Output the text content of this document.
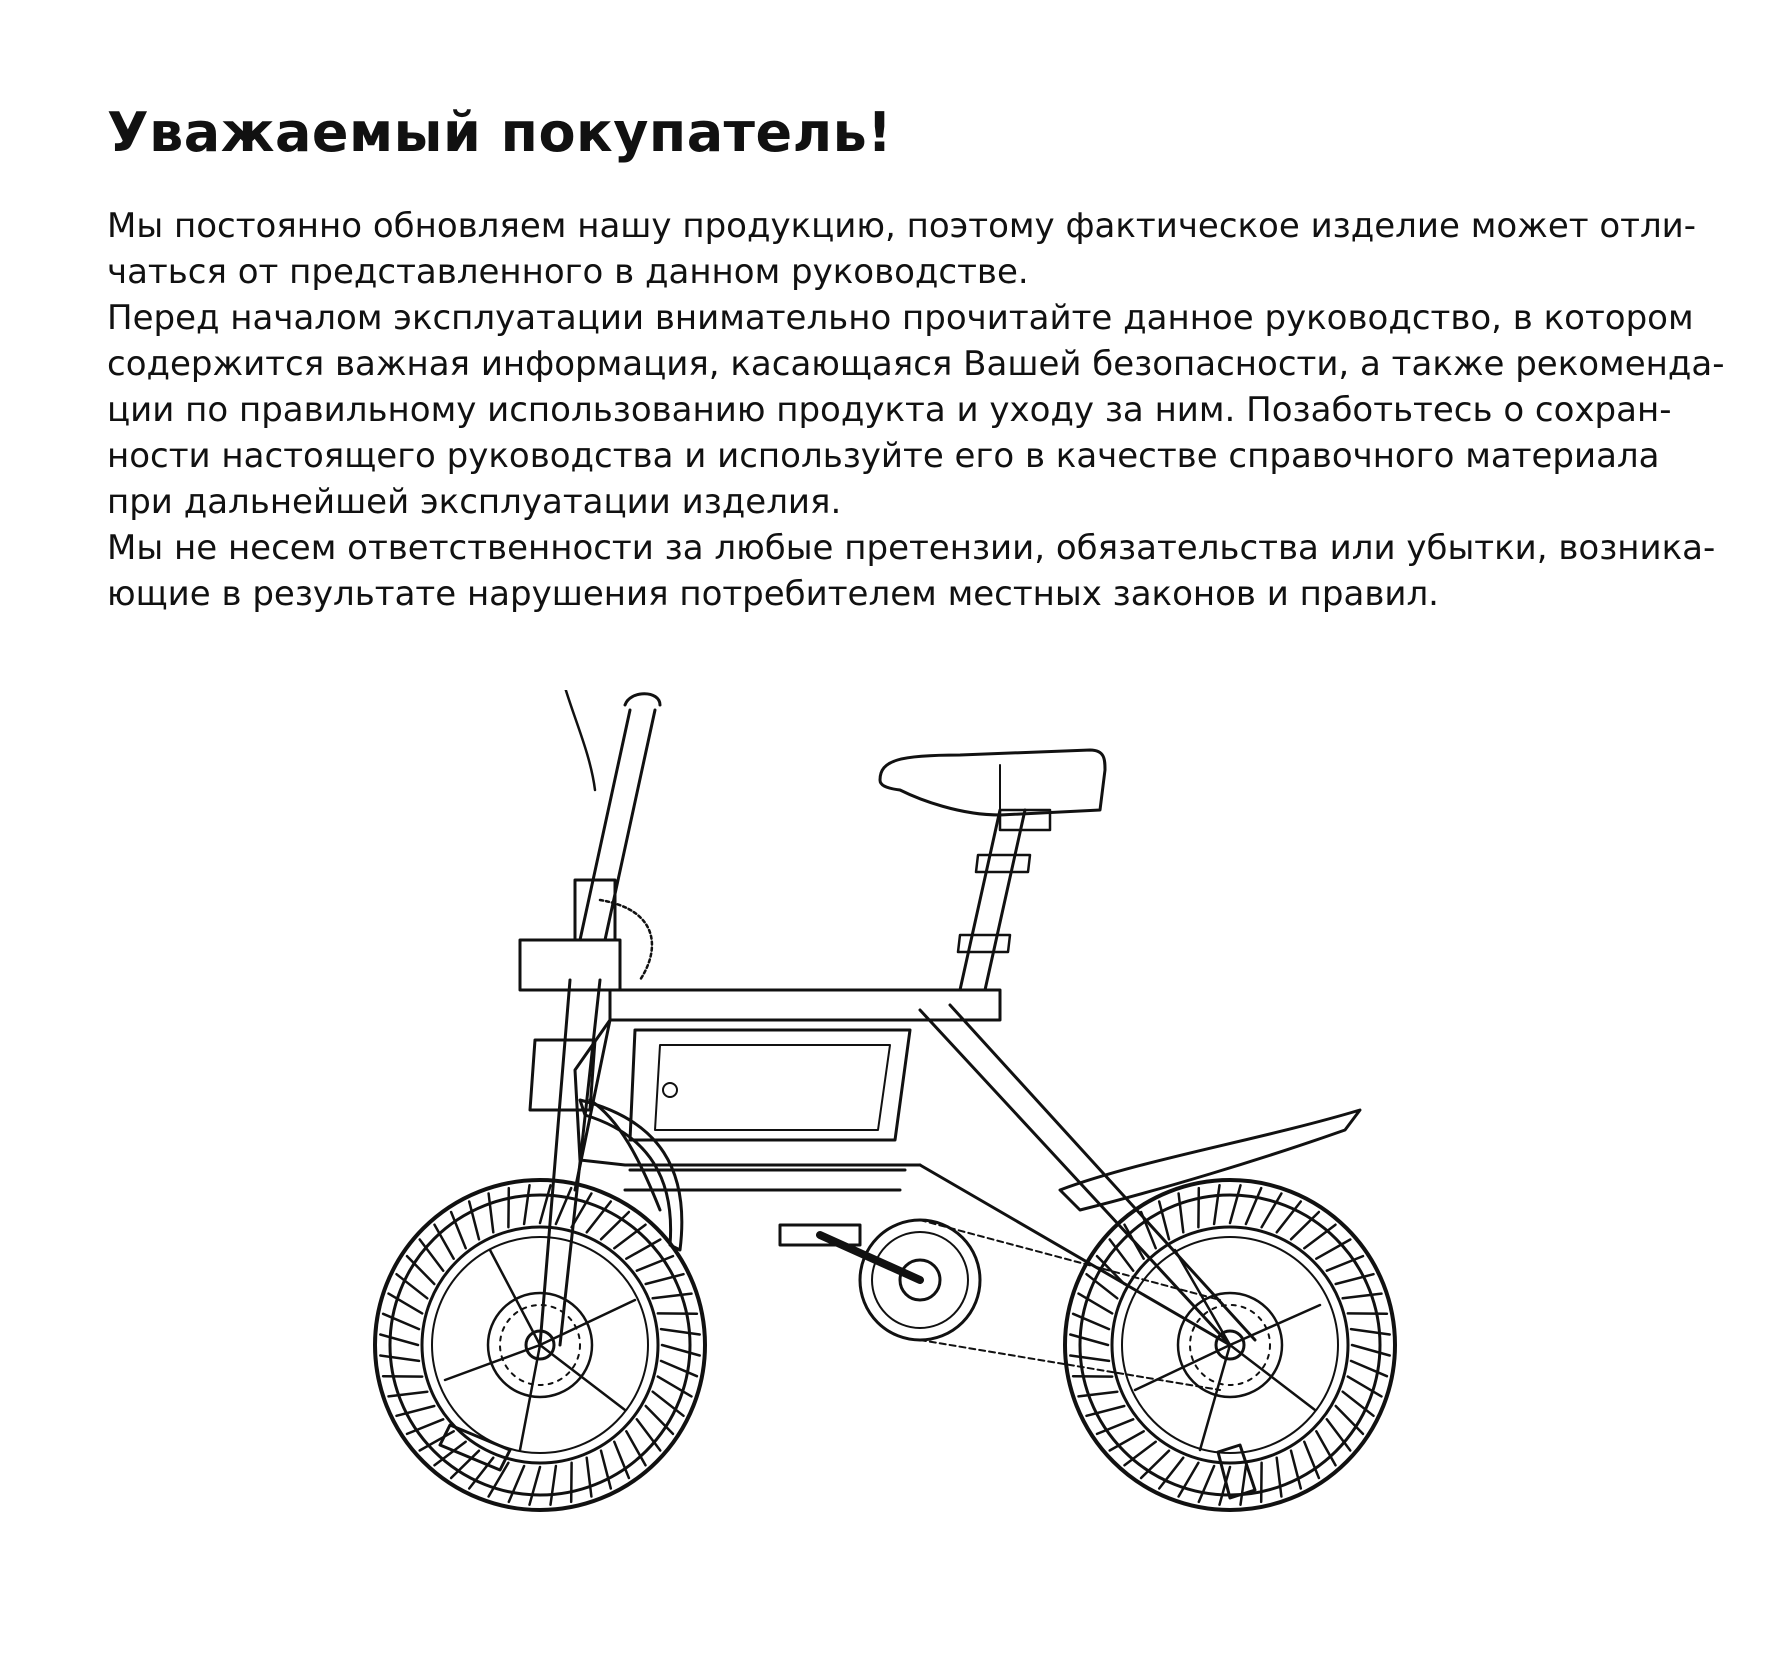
Уважаемый покупатель!
Мы постоянно обновляем нашу продукцию, поэтому фактическое изделие может отли-
чаться от представленного в данном руководстве.
Перед началом эксплуатации внимательно прочитайте данное руководство, в котором
содержится важная информация, касающаяся Вашей безопасности, а также рекоменда-
ции по правильному использованию продукта и уходу за ним. Позаботьтесь о сохран-
ности настоящего руководства и используйте его в качестве справочного материала
при дальнейшей эксплуатации изделия.
Мы не несем ответственности за любые претензии, обязательства или убытки, возника-
ющие в результате нарушения потребителем местных законов и правил.
